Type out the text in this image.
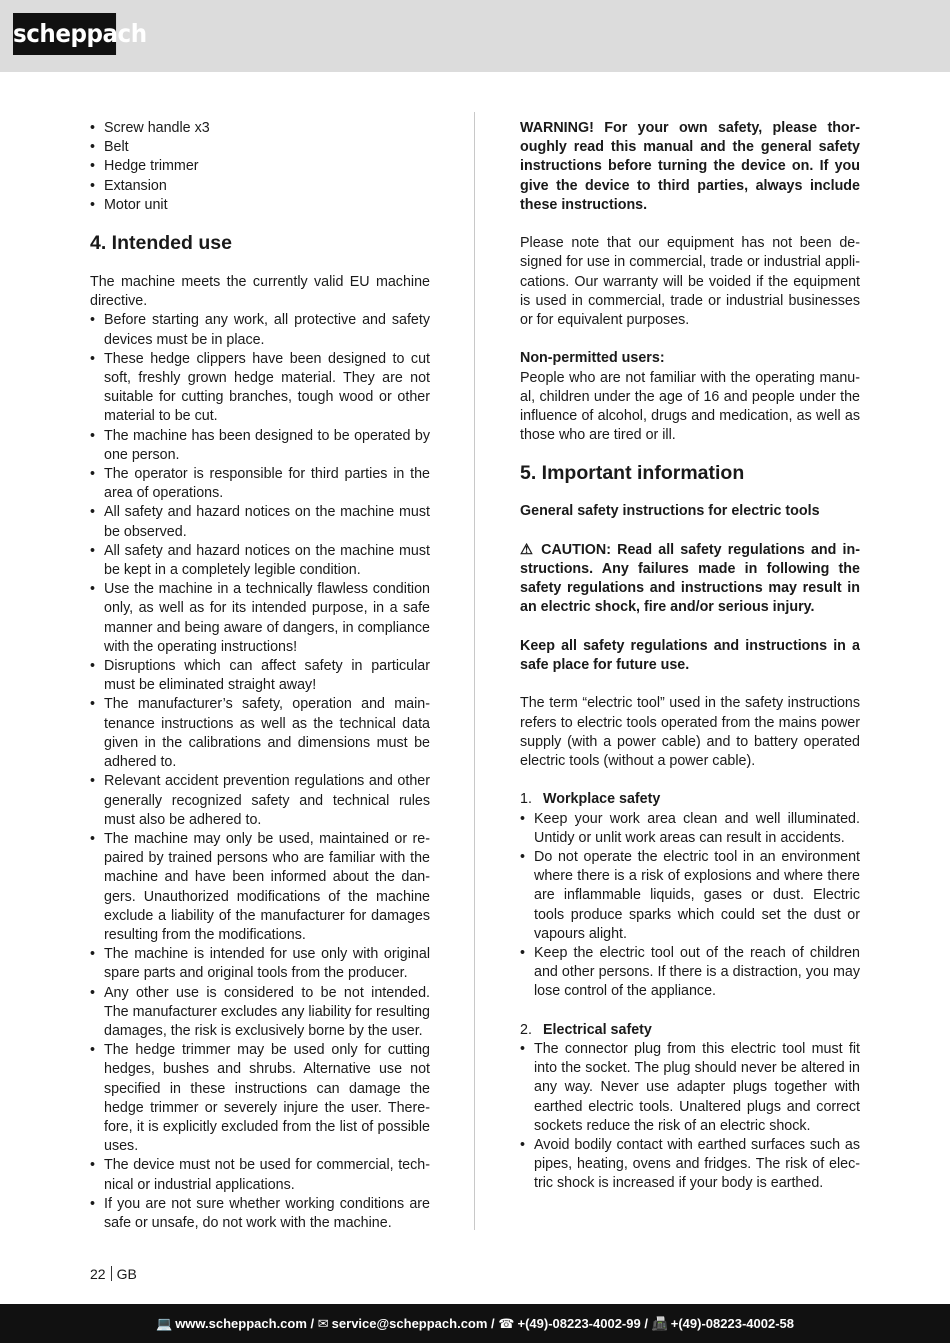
scheppach
• Screw handle x3
• Belt
• Hedge trimmer
• Extansion
• Motor unit
4. Intended use

The machine meets the currently valid EU machine directive.

• Before starting any work, all protective and safety devices must be in place.
• These hedge clippers have been designed to cut soft, freshly grown hedge material. They are not suitable for cutting branches, tough wood or other material to be cut.
• The machine has been designed to be operated by one person.
• The operator is responsible for third parties in the area of operations.
• All safety and hazard notices on the machine must be observed.
• All safety and hazard notices on the machine must be kept in a completely legible condition.
• Use the machine in a technically flawless condition only, as well as for its intended purpose, in a safe manner and being aware of dangers, in compliance with the operating instructions!
• Disruptions which can affect safety in particular must be eliminated straight away!
• The manufacturer’s safety, operation and maintenance instructions as well as the technical data given in the calibrations and dimensions must be adhered to.
• Relevant accident prevention regulations and other generally recognized safety and technical rules must also be adhered to.
• The machine may only be used, maintained or repaired by trained persons who are familiar with the machine and have been informed about the dangers. Unauthorized modifications of the machine exclude a liability of the manufacturer for damages resulting from the modifications.
• The machine is intended for use only with original spare parts and original tools from the producer.
• Any other use is considered to be not intended. The manufacturer excludes any liability for resulting damages, the risk is exclusively borne by the user.
• The hedge trimmer may be used only for cutting hedges, bushes and shrubs. Alternative use not specified in these instructions can damage the hedge trimmer or severely injure the user. Therefore, it is explicitly excluded from the list of possible uses.
• The device must not be used for commercial, technical or industrial applications.
• If you are not sure whether working conditions are safe or unsafe, do not work with the machine.

WARNING! For your own safety, please thoroughly read this manual and the general safety instructions before turning the device on. If you give the device to third parties, always include these instructions.

Please note that our equipment has not been designed for use in commercial, trade or industrial applications. Our warranty will be voided if the equipment is used in commercial, trade or industrial businesses or for equivalent purposes.

Non-permitted users:

People who are not familiar with the operating manual, children under the age of 16 and people under the influence of alcohol, drugs and medication, as well as those who are tired or ill.

5. Important information

General safety instructions for electric tools

⚠ CAUTION: Read all safety regulations and instructions. Any failures made in following the safety regulations and instructions may result in an electric shock, fire and/or serious injury.

Keep all safety regulations and instructions in a safe place for future use.

The term “electric tool” used in the safety instructions refers to electric tools operated from the mains power supply (with a power cable) and to battery operated electric tools (without a power cable).

1. Workplace safety
• Keep your work area clean and well illuminated. Untidy or unlit work areas can result in accidents.
• Do not operate the electric tool in an environment where there is a risk of explosions and where there are inflammable liquids, gases or dust. Electric tools produce sparks which could set the dust or vapours alight.
• Keep the electric tool out of the reach of children and other persons. If there is a distraction, you may lose control of the appliance.
2. Electrical safety
• The connector plug from this electric tool must fit into the socket. The plug should never be altered in any way. Never use adapter plugs together with earthed electric tools. Unaltered plugs and correct sockets reduce the risk of an electric shock.
• Avoid bodily contact with earthed surfaces such as pipes, heating, ovens and fridges. The risk of electric shock is increased if your body is earthed.
22 GB
💻 www.scheppach.com / ✉ service@scheppach.com / ☎ +(49)-08223-4002-99 / 📠 +(49)-08223-4002-58
